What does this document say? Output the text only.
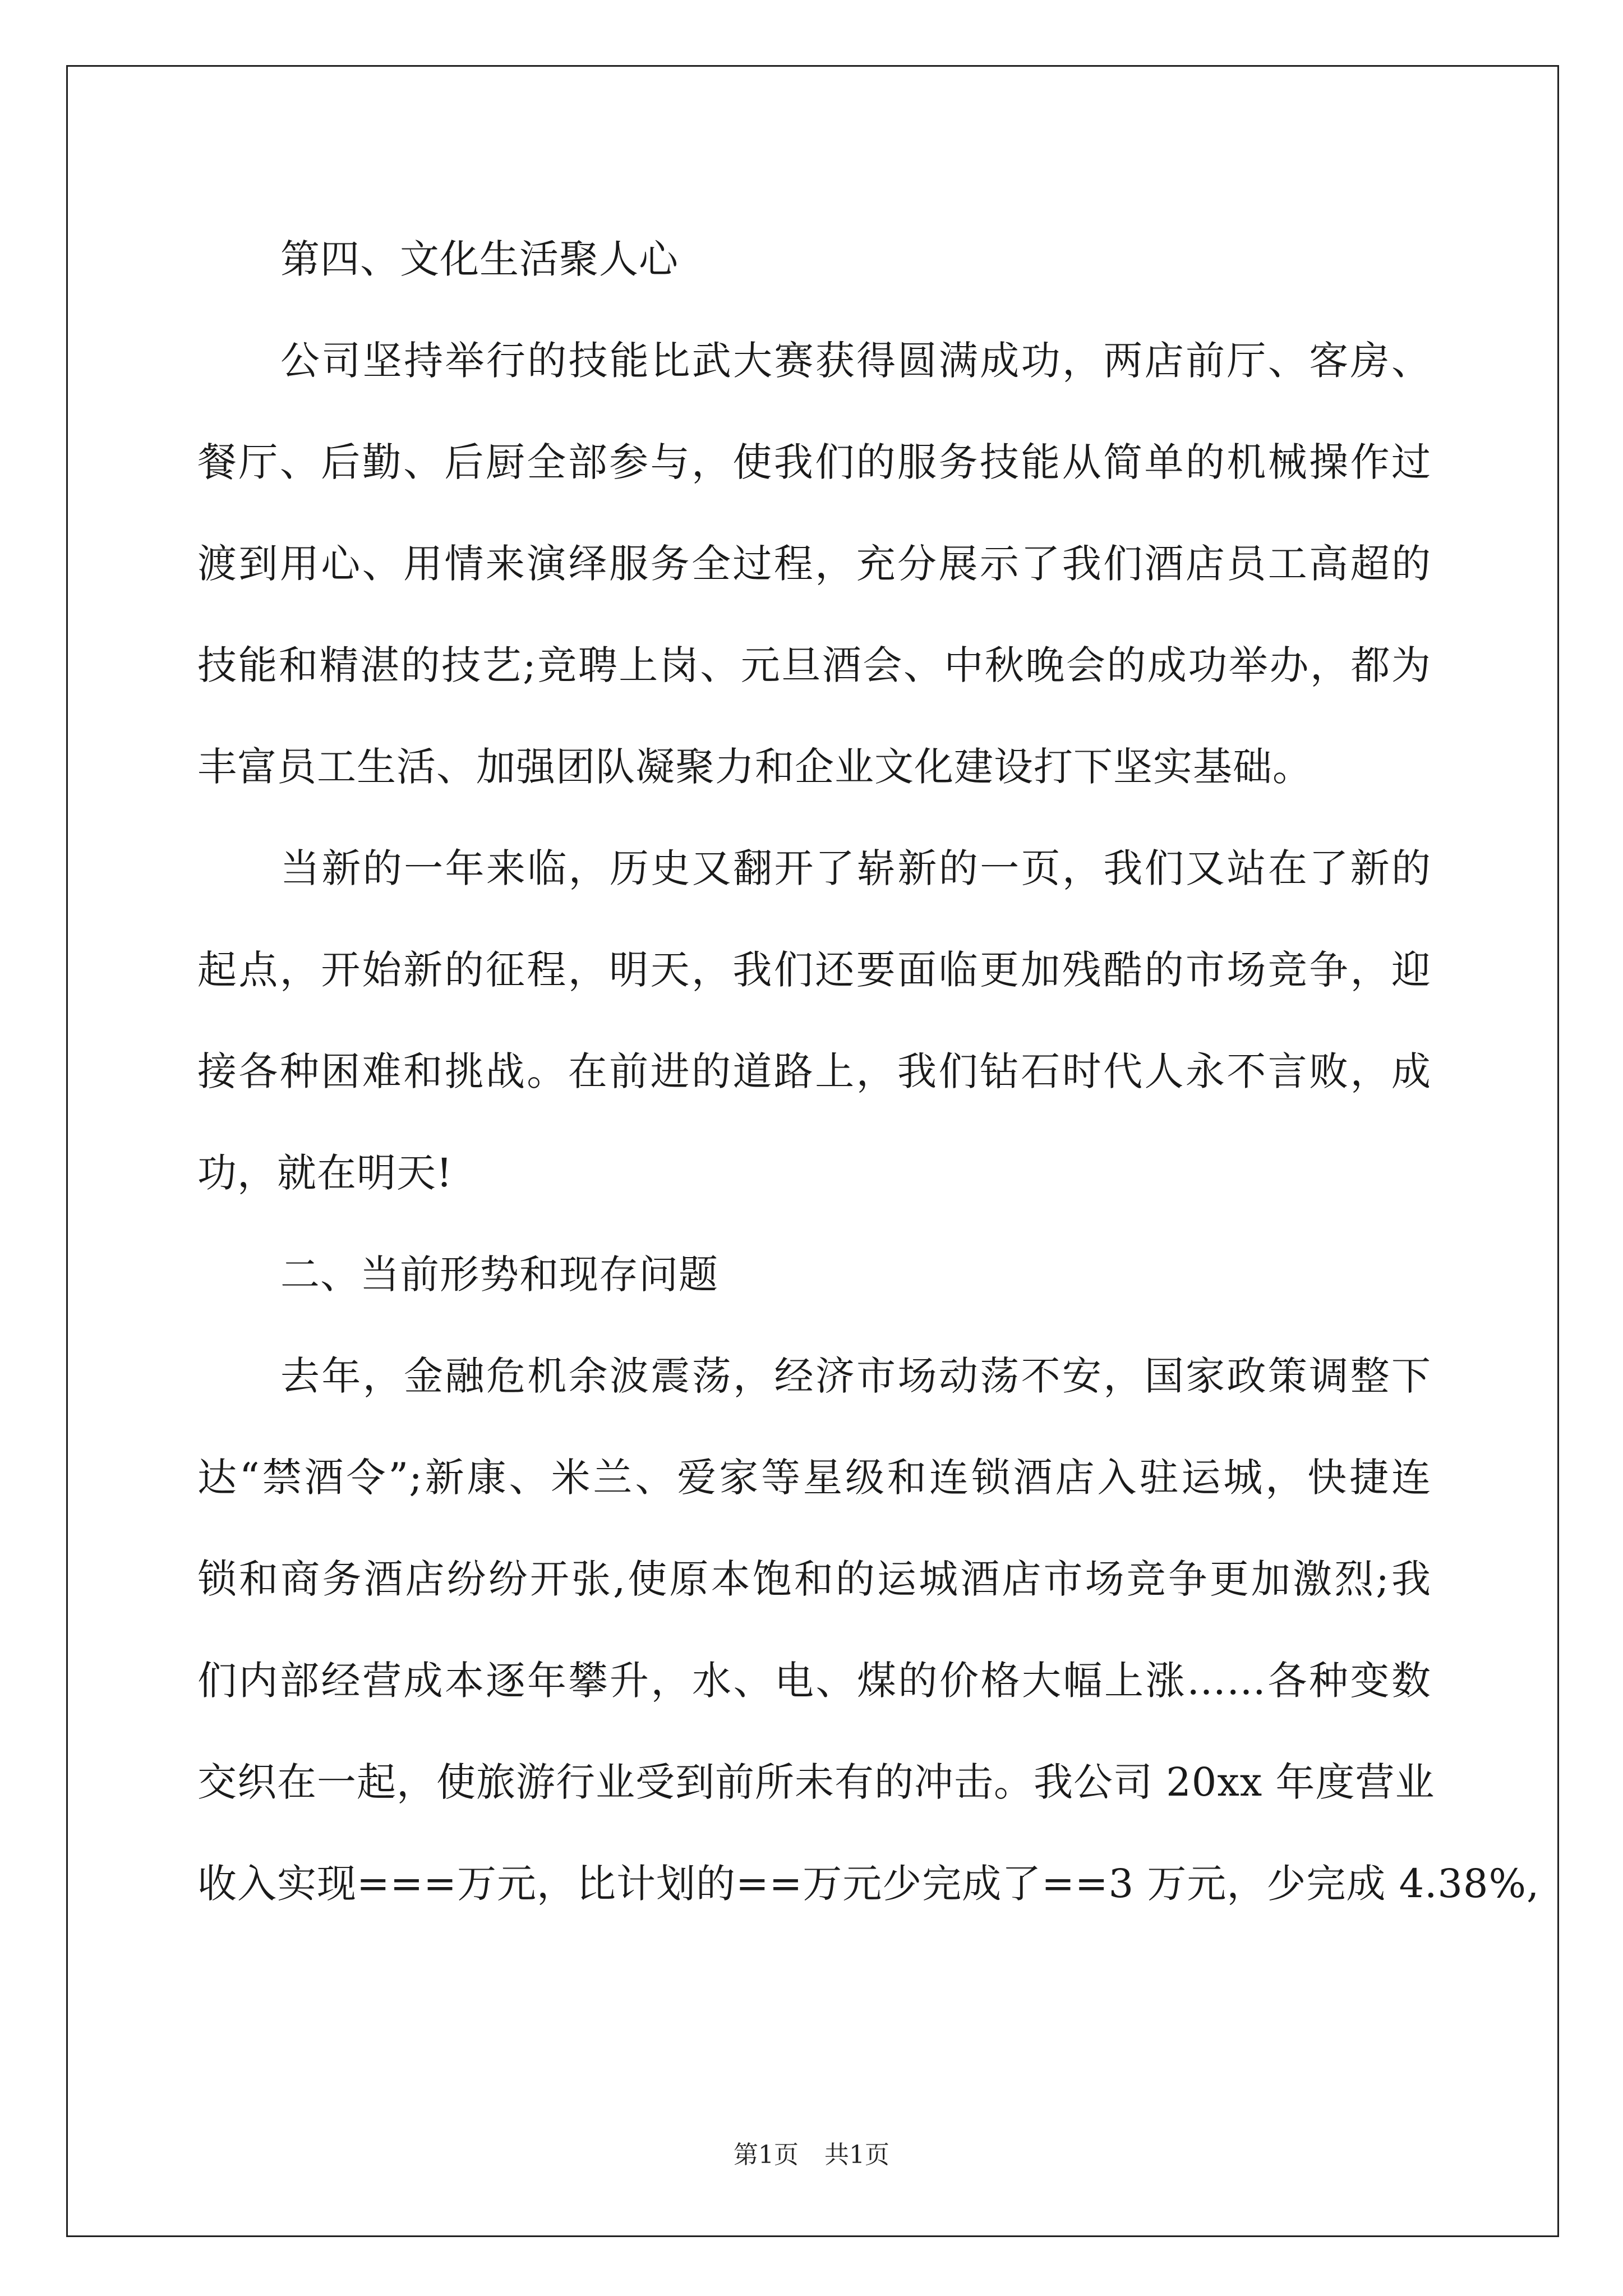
第四、文化生活聚人心
公司坚持举行的技能比武大赛获得圆满成功，两店前厅、客房、
餐厅、后勤、后厨全部参与，使我们的服务技能从简单的机械操作过
渡到用心、用情来演绎服务全过程，充分展示了我们酒店员工高超的
技能和精湛的技艺;竞聘上岗、元旦酒会、中秋晚会的成功举办，都为
丰富员工生活、加强团队凝聚力和企业文化建设打下坚实基础。
当新的一年来临，历史又翻开了崭新的一页，我们又站在了新的
起点，开始新的征程，明天，我们还要面临更加残酷的市场竞争，迎
接各种困难和挑战。在前进的道路上，我们钻石时代人永不言败，成
功，就在明天!
二、当前形势和现存问题
去年，金融危机余波震荡，经济市场动荡不安，国家政策调整下
达“禁酒令”;新康、米兰、爱家等星级和连锁酒店入驻运城，快捷连
锁和商务酒店纷纷开张,使原本饱和的运城酒店市场竞争更加激烈;我
们内部经营成本逐年攀升，水、电、煤的价格大幅上涨……各种变数
交织在一起，使旅游行业受到前所未有的冲击。我公司 20xx 年度营业
收入实现===万元，比计划的==万元少完成了==3 万元，少完成 4.38%,
第1页 共1页
